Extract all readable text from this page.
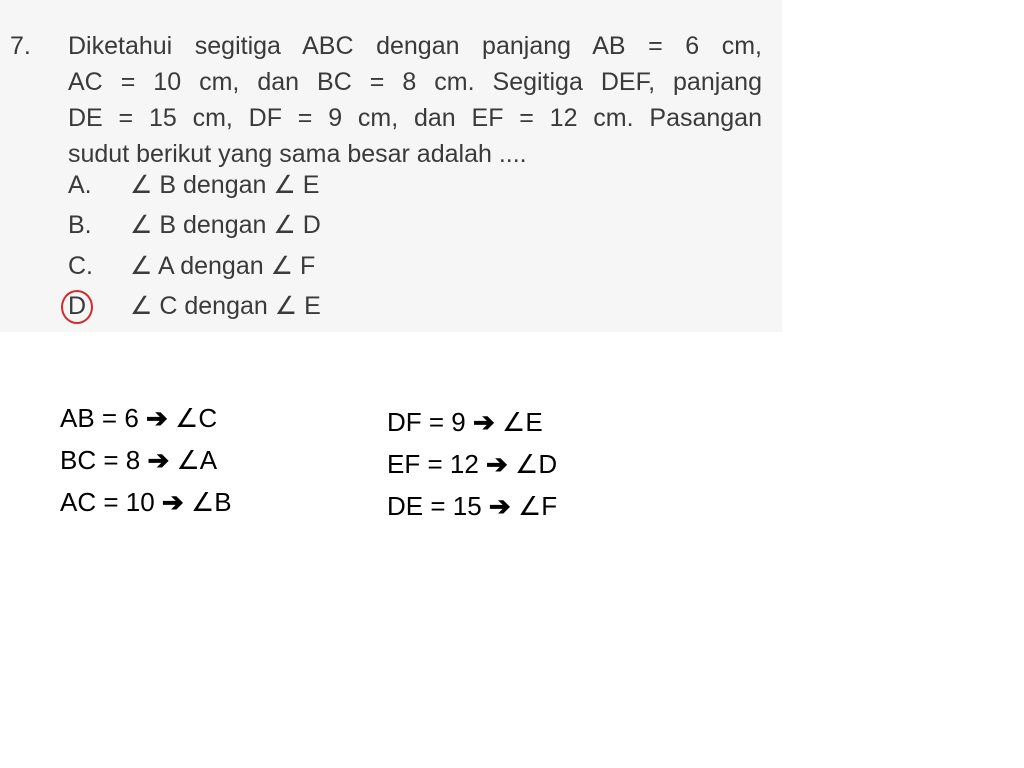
7. Diketahui segitiga ABC dengan panjang AB = 6 cm,
AC = 10 cm, dan BC = 8 cm. Segitiga DEF, panjang
DE = 15 cm, DF = 9 cm, dan EF = 12 cm. Pasangan
sudut berikut yang sama besar adalah ....
A. ∠ B dengan ∠ E
B. ∠ B dengan ∠ D
C. ∠ A dengan ∠ F
D ∠ C dengan ∠ E
AB = 6 ➔ ∠C
BC = 8 ➔ ∠A
AC = 10 ➔ ∠B
DF = 9 ➔ ∠E
EF = 12 ➔ ∠D
DE = 15 ➔ ∠F
